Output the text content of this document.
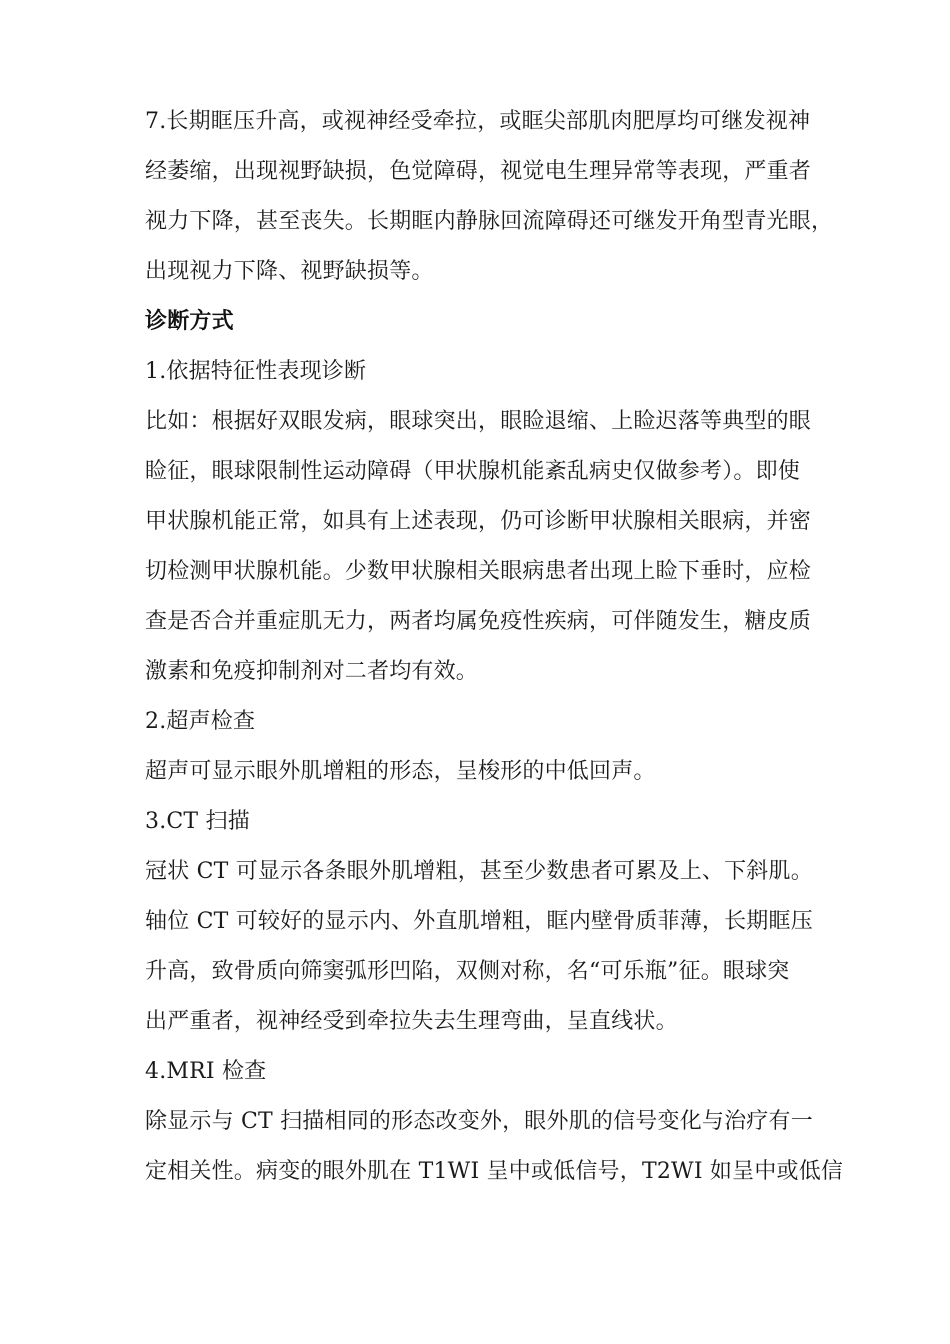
7.长期眶压升高，或视神经受牵拉，或眶尖部肌肉肥厚均可继发视神
经萎缩，出现视野缺损，色觉障碍，视觉电生理异常等表现，严重者
视力下降，甚至丧失。长期眶内静脉回流障碍还可继发开角型青光眼，
出现视力下降、视野缺损等。
诊断方式
1.依据特征性表现诊断
比如：根据好双眼发病，眼球突出，眼睑退缩、上睑迟落等典型的眼
睑征，眼球限制性运动障碍（甲状腺机能紊乱病史仅做参考）。即使
甲状腺机能正常，如具有上述表现，仍可诊断甲状腺相关眼病，并密
切检测甲状腺机能。少数甲状腺相关眼病患者出现上睑下垂时，应检
查是否合并重症肌无力，两者均属免疫性疾病，可伴随发生，糖皮质
激素和免疫抑制剂对二者均有效。
2.超声检查
超声可显示眼外肌增粗的形态，呈梭形的中低回声。
3.CT 扫描
冠状 CT 可显示各条眼外肌增粗，甚至少数患者可累及上、下斜肌。
轴位 CT 可较好的显示内、外直肌增粗，眶内壁骨质菲薄，长期眶压
升高，致骨质向筛窦弧形凹陷，双侧对称，名“可乐瓶”征。眼球突
出严重者，视神经受到牵拉失去生理弯曲，呈直线状。
4.MRI 检查
除显示与 CT 扫描相同的形态改变外，眼外肌的信号变化与治疗有一
定相关性。病变的眼外肌在 T1WI 呈中或低信号，T2WI 如呈中或低信
